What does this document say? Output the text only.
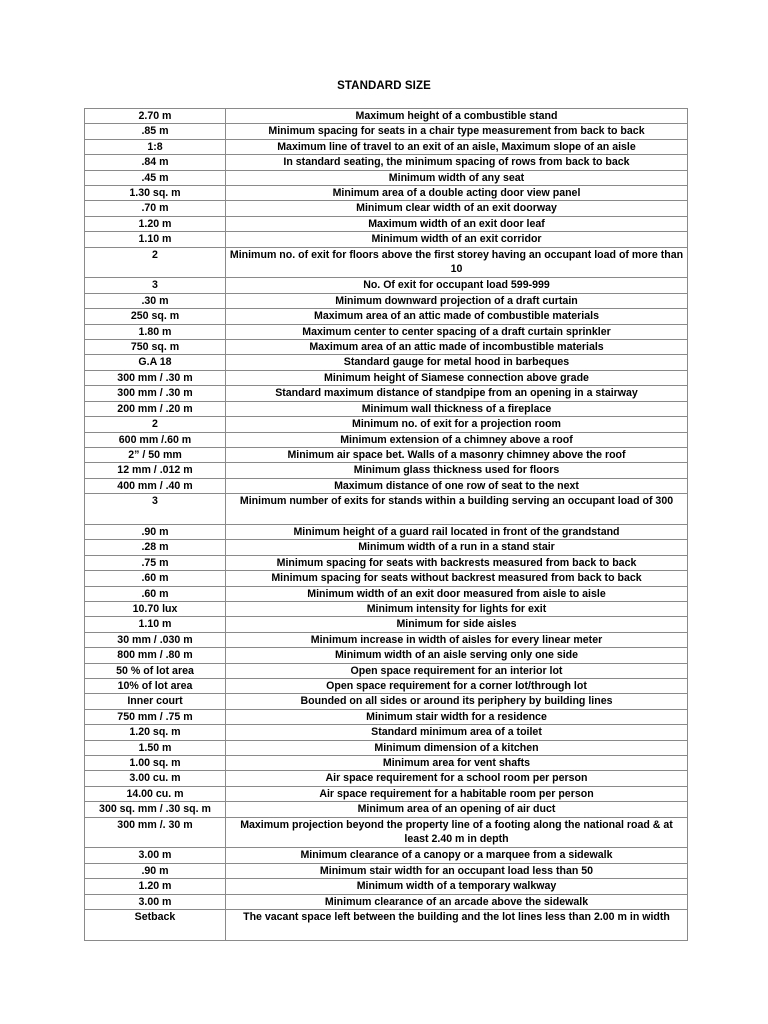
STANDARD SIZE
2.70 m	Maximum height of a combustible stand
.85 m	Minimum spacing for seats in a chair type measurement from back to back
1:8	Maximum line of travel to an exit of an aisle, Maximum slope of an aisle
.84 m	In standard seating, the minimum spacing of rows from back to back
.45 m	Minimum width of any seat
1.30 sq. m	Minimum area of a double acting door view panel
.70 m	Minimum clear width of an exit doorway
1.20 m	Maximum width of an exit door leaf
1.10 m	Minimum width of an exit corridor
2	Minimum no. of exit for floors above the first storey having an occupant load of more than 10
3	No. Of exit for occupant load 599-999
.30 m	Minimum downward projection of a draft curtain
250 sq. m	Maximum area of an attic made of combustible materials
1.80 m	Maximum center to center spacing of a draft curtain sprinkler
750 sq. m	Maximum area of an attic made of incombustible materials
G.A 18	Standard gauge for metal hood in barbeques
300 mm / .30 m	Minimum height of Siamese connection above grade
300 mm / .30 m	Standard maximum distance of standpipe from an opening in a stairway
200 mm / .20 m	Minimum wall thickness of a fireplace
2	Minimum no. of exit for a projection room
600 mm /.60 m	Minimum extension of a chimney above a roof
2” / 50 mm	Minimum air space bet. Walls of a masonry chimney above the roof
12 mm / .012 m	Minimum glass thickness used for floors
400 mm / .40 m	Maximum distance of one row of seat to the next
3	Minimum number of exits for stands within a building serving an occupant load of 300
.90 m	Minimum height of a guard rail located in front of the grandstand
.28 m	Minimum width of a run in a stand stair
.75 m	Minimum spacing for seats with backrests measured from back to back
.60 m	Minimum spacing for seats without backrest measured from back to back
.60 m	Minimum width of an exit door measured from aisle to aisle
10.70 lux	Minimum intensity for lights for exit
1.10 m	Minimum for side aisles
30 mm / .030 m	Minimum increase in width of aisles for every linear meter
800 mm / .80 m	Minimum width of an aisle serving only one side
50 % of lot area	Open space requirement for an interior lot
10% of lot area	Open space requirement for a corner lot/through lot
Inner court	Bounded on all sides or around its periphery by building lines
750 mm / .75 m	Minimum stair width for a residence
1.20 sq. m	Standard minimum area of a toilet
1.50 m	Minimum dimension of a kitchen
1.00 sq. m	Minimum area for vent shafts
3.00 cu. m	Air space requirement for a school room per person
14.00 cu. m	Air space requirement for a habitable room per person
300 sq. mm / .30 sq. m	Minimum area of an opening of air duct
300 mm /. 30 m	Maximum projection beyond the property line of a footing along the national road & at least 2.40 m in depth
3.00 m	Minimum clearance of a canopy or a marquee from a sidewalk
.90 m	Minimum stair width for an occupant load less than 50
1.20 m	Minimum width of a temporary walkway
3.00 m	Minimum clearance of an arcade above the sidewalk
Setback	The vacant space left between the building and the lot lines less than 2.00 m in width
